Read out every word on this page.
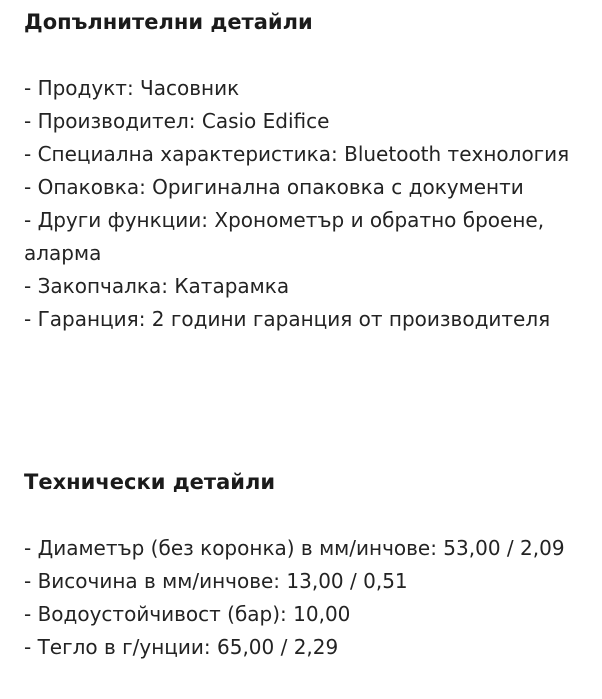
Допълнителни детайли
- Продукт: Часовник
- Производител: Casio Edifice
- Специална характеристика: Bluetooth технология
- Опаковка: Оригинална опаковка с документи
- Други функции: Хронометър и обратно броене, аларма
- Закопчалка: Катарамка
- Гаранция: 2 години гаранция от производителя
Технически детайли
- Диаметър (без коронка) в мм/инчове: 53,00 / 2,09
- Височина в мм/инчове: 13,00 / 0,51
- Водоустойчивост (бар): 10,00
- Тегло в г/унции: 65,00 / 2,29
